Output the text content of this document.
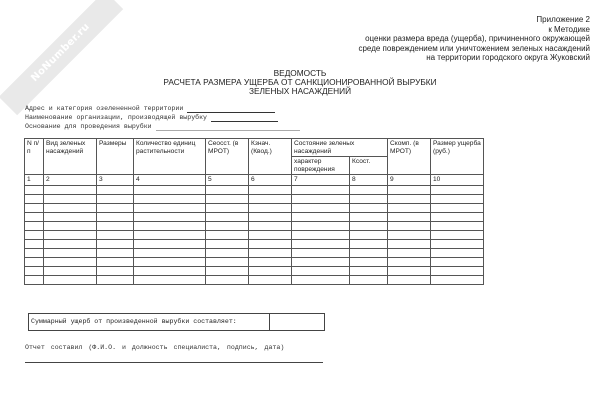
NoNumber.ru
Приложение 2
к Методике
оценки размера вреда (ущерба), причиненного окружающей
среде повреждением или уничтожением зеленых насаждений
на территории городского округа Жуковский
ВЕДОМОСТЬ
РАСЧЕТА РАЗМЕРА УЩЕРБА ОТ САНКЦИОНИРОВАННОЙ ВЫРУБКИ
ЗЕЛЕНЫХ НАСАЖДЕНИЙ
Адрес и категория озелененной территории
Наименование организации, производящей вырубку
Основание для проведения вырубки
N п/п	Вид зеленых насаждений	Размеры	Количество единиц растительности	Сеосст. (в МРОТ)	Кзнач. (Квод.)	Состояние зеленых насаждений		Скомп. (в МРОТ)	Размер ущерба (руб.)
						характер повреждения	Ксост.		
1	2	3	4	5	6	7	8	9	10

Суммарный ущерб от произведенной вырубки составляет:
Отчет составил (Ф.И.О. и должность специалиста, подпись, дата)
